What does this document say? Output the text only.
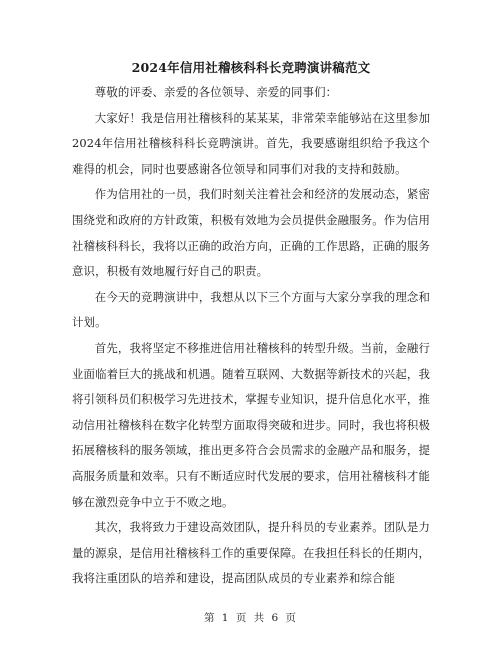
2024年信用社稽核科科长竞聘演讲稿范文

尊敬的评委、亲爱的各位领导、亲爱的同事们：

大家好！我是信用社稽核科的某某某，非常荣幸能够站在这里参加2024年信用社稽核科科长竞聘演讲。首先，我要感谢组织给予我这个难得的机会，同时也要感谢各位领导和同事们对我的支持和鼓励。

作为信用社的一员，我们时刻关注着社会和经济的发展动态，紧密围绕党和政府的方针政策，积极有效地为会员提供金融服务。作为信用社稽核科科长，我将以正确的政治方向，正确的工作思路，正确的服务意识，积极有效地履行好自己的职责。

在今天的竞聘演讲中，我想从以下三个方面与大家分享我的理念和计划。

首先，我将坚定不移推进信用社稽核科的转型升级。当前，金融行业面临着巨大的挑战和机遇。随着互联网、大数据等新技术的兴起，我将引领科员们积极学习先进技术，掌握专业知识，提升信息化水平，推动信用社稽核科在数字化转型方面取得突破和进步。同时，我也将积极拓展稽核科的服务领域，推出更多符合会员需求的金融产品和服务，提高服务质量和效率。只有不断适应时代发展的要求，信用社稽核科才能够在激烈竞争中立于不败之地。

其次，我将致力于建设高效团队，提升科员的专业素养。团队是力量的源泉，是信用社稽核科工作的重要保障。在我担任科长的任期内，我将注重团队的培养和建设，提高团队成员的专业素养和综合能

第 1 页 共 6 页
